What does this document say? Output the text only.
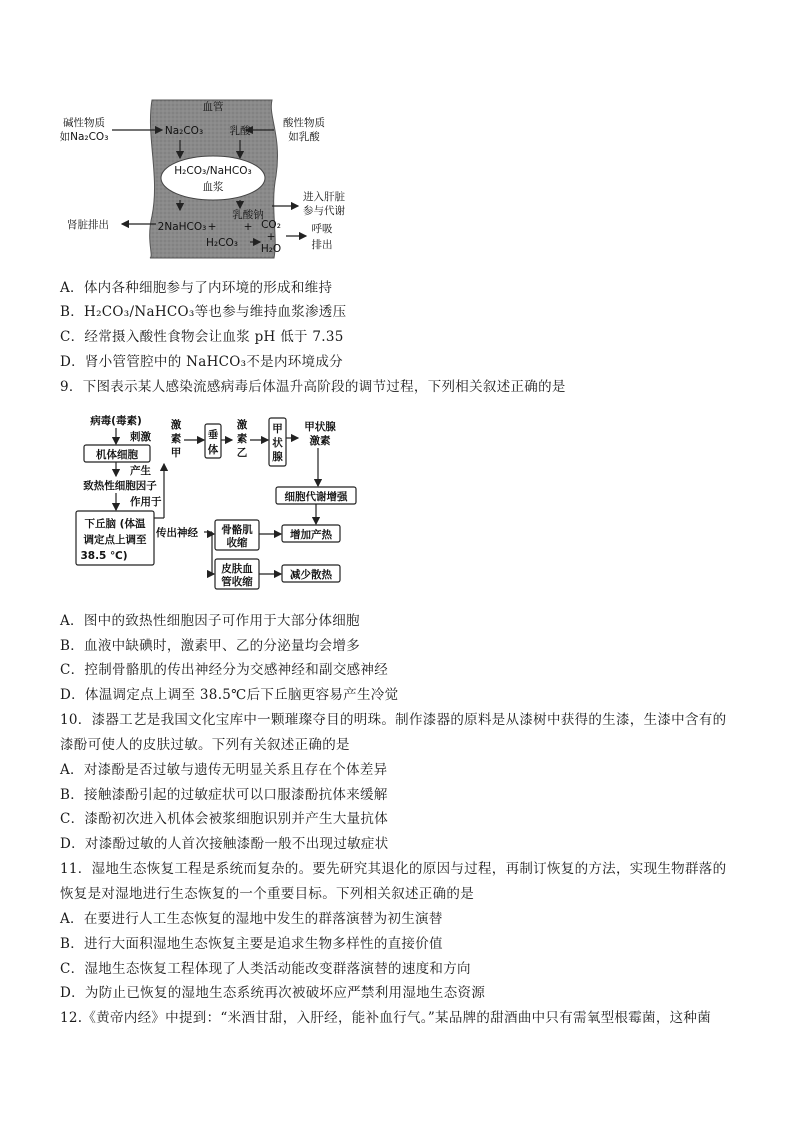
血管
碱性物质
如Na₂CO₃
酸性物质
如乳酸
Na₂CO₃	乳酸
H₂CO₃/NaHCO₃
血浆
乳酸钠
+
2NaHCO₃ +
H₂CO₃
肾脏排出
进入肝脏
参与代谢
CO₂
+
H₂O
呼吸
排出
A．体内各种细胞参与了内环境的形成和维持
B．H₂CO₃/NaHCO₃等也参与维持血浆渗透压
C．经常摄入酸性食物会让血浆 pH 低于 7.35
D．肾小管管腔中的 NaHCO₃不是内环境成分
9．下图表示某人感染流感病毒后体温升高阶段的调节过程，下列相关叙述正确的是
病毒(毒素)
刺激
机体细胞
产生
致热性细胞因子
作用于
下丘脑 (体温
调定点上调至
38.5 ℃)
激
素
甲
垂
体
激
素
乙
甲
状
腺
甲状腺
激素
细胞代谢增强
传出神经 骨骼肌
收缩
增加产热
皮肤血
管收缩
减少散热
A．图中的致热性细胞因子可作用于大部分体细胞
B．血液中缺碘时，激素甲、乙的分泌量均会增多
C．控制骨骼肌的传出神经分为交感神经和副交感神经
D．体温调定点上调至 38.5℃后下丘脑更容易产生冷觉
10．漆器工艺是我国文化宝库中一颗璀璨夺目的明珠。制作漆器的原料是从漆树中获得的生漆，生漆中含有的
漆酚可使人的皮肤过敏。下列有关叙述正确的是
A．对漆酚是否过敏与遗传无明显关系且存在个体差异
B．接触漆酚引起的过敏症状可以口服漆酚抗体来缓解
C．漆酚初次进入机体会被浆细胞识别并产生大量抗体
D．对漆酚过敏的人首次接触漆酚一般不出现过敏症状
11．湿地生态恢复工程是系统而复杂的。要先研究其退化的原因与过程，再制订恢复的方法，实现生物群落的
恢复是对湿地进行生态恢复的一个重要目标。下列相关叙述正确的是
A．在要进行人工生态恢复的湿地中发生的群落演替为初生演替
B．进行大面积湿地生态恢复主要是追求生物多样性的直接价值
C．湿地生态恢复工程体现了人类活动能改变群落演替的速度和方向
D．为防止已恢复的湿地生态系统再次被破坏应严禁利用湿地生态资源
12.《黄帝内经》中提到：“米酒甘甜，入肝经，能补血行气。”某品牌的甜酒曲中只有需氧型根霉菌，这种菌
